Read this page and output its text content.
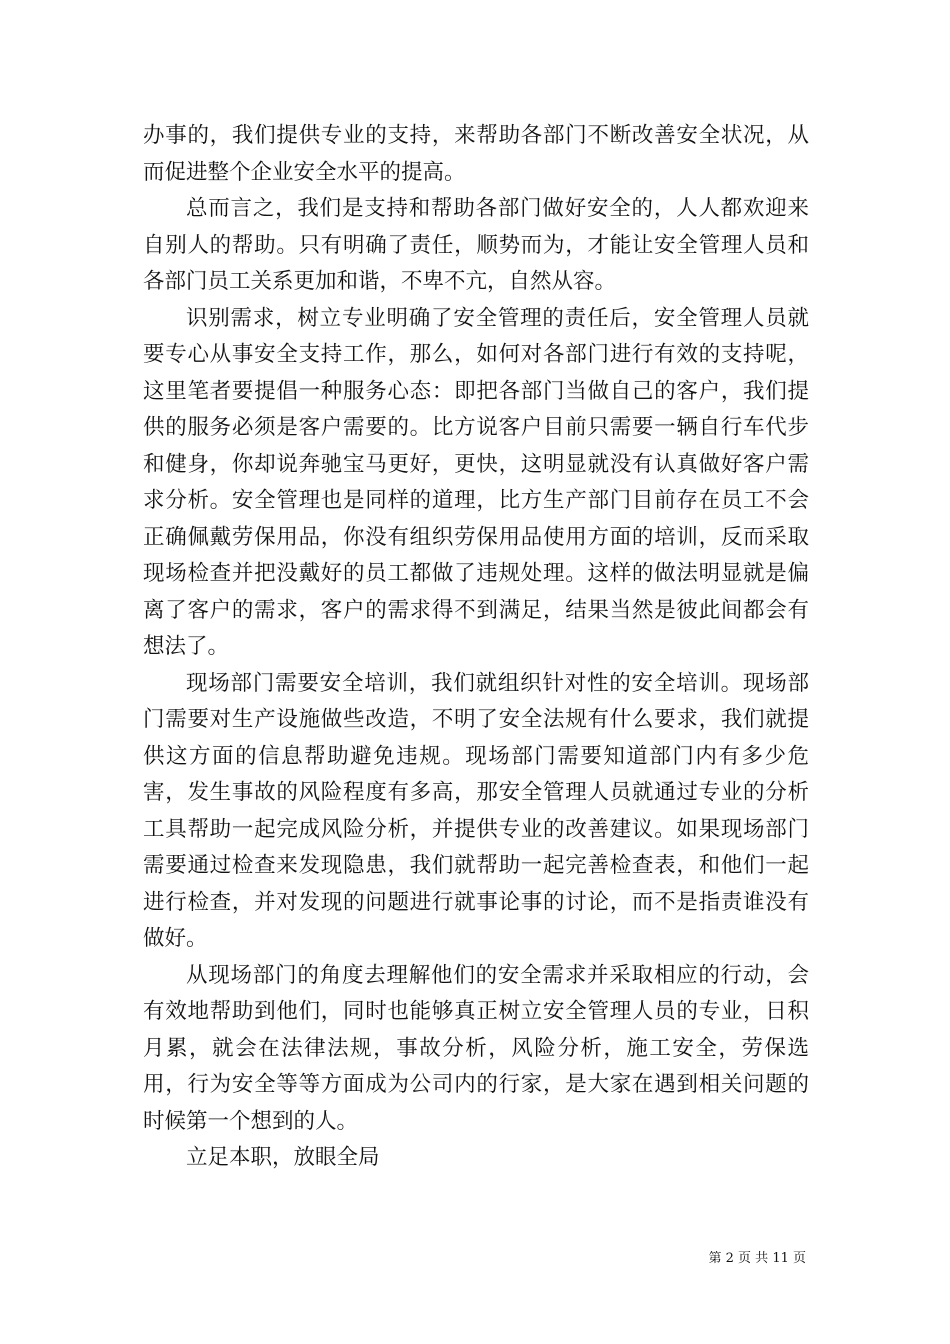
办事的，我们提供专业的支持，来帮助各部门不断改善安全状况，从而促进整个企业安全水平的提高。

总而言之，我们是支持和帮助各部门做好安全的，人人都欢迎来自别人的帮助。只有明确了责任，顺势而为，才能让安全管理人员和各部门员工关系更加和谐，不卑不亢，自然从容。

识别需求，树立专业明确了安全管理的责任后，安全管理人员就要专心从事安全支持工作，那么，如何对各部门进行有效的支持呢，这里笔者要提倡一种服务心态：即把各部门当做自己的客户，我们提供的服务必须是客户需要的。比方说客户目前只需要一辆自行车代步和健身，你却说奔驰宝马更好，更快，这明显就没有认真做好客户需求分析。安全管理也是同样的道理，比方生产部门目前存在员工不会正确佩戴劳保用品，你没有组织劳保用品使用方面的培训，反而采取现场检查并把没戴好的员工都做了违规处理。这样的做法明显就是偏离了客户的需求，客户的需求得不到满足，结果当然是彼此间都会有想法了。

现场部门需要安全培训，我们就组织针对性的安全培训。现场部门需要对生产设施做些改造，不明了安全法规有什么要求，我们就提供这方面的信息帮助避免违规。现场部门需要知道部门内有多少危害，发生事故的风险程度有多高，那安全管理人员就通过专业的分析工具帮助一起完成风险分析，并提供专业的改善建议。如果现场部门需要通过检查来发现隐患，我们就帮助一起完善检查表，和他们一起进行检查，并对发现的问题进行就事论事的讨论，而不是指责谁没有做好。

从现场部门的角度去理解他们的安全需求并采取相应的行动，会有效地帮助到他们，同时也能够真正树立安全管理人员的专业，日积月累，就会在法律法规，事故分析，风险分析，施工安全，劳保选用，行为安全等等方面成为公司内的行家，是大家在遇到相关问题的时候第一个想到的人。

立足本职，放眼全局

第 2 页 共 11 页
